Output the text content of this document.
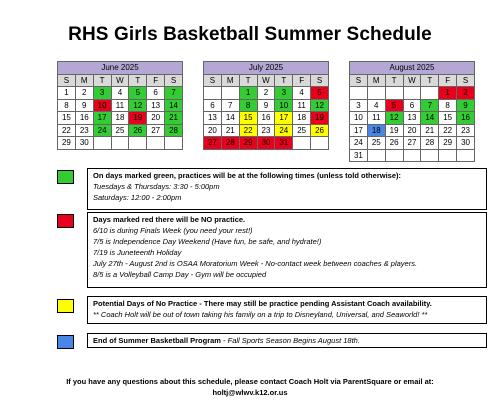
RHS Girls Basketball Summer Schedule
June 2025						
S	M	T	W	T	F	S
1	2	3	4	5	6	7
8	9	10	11	12	13	14
15	16	17	18	19	20	21
22	23	24	25	26	27	28
29	30					
July 2025						
S	M	T	W	T	F	S
		1	2	3	4	5
6	7	8	9	10	11	12
13	14	15	16	17	18	19
20	21	22	23	24	25	26
27	28	29	30	31		
August 2025						
S	M	T	W	T	F	S
					1	2
3	4	5	6	7	8	9
10	11	12	13	14	15	16
17	18	19	20	21	22	23
24	25	26	27	28	29	30
31						
On days marked green, practices will be at the following times (unless told otherwise):
Tuesdays & Thursdays: 3:30 - 5:00pm
Saturdays: 12:00 - 2:00pm
Days marked red there will be NO practice.
6/10 is during Finals Week (you need your rest!)
7/5 is Independence Day Weekend (Have fun, be safe, and hydrate!)
7/19 is Juneteenth Holiday
July 27th - August 2nd is OSAA Moratorium Week - No-contact week between coaches & players.
8/5 is a Volleyball Camp Day - Gym will be occupied
Potential Days of No Practice - There may still be practice pending Assistant Coach availability.
** Coach Holt will be out of town taking his family on a trip to Disneyland, Universal, and Seaworld! **
End of Summer Basketball Program - Fall Sports Season Begins August 18th.
If you have any questions about this schedule, please contact Coach Holt via ParentSquare or email at:
holtj@wlwv.k12.or.us
